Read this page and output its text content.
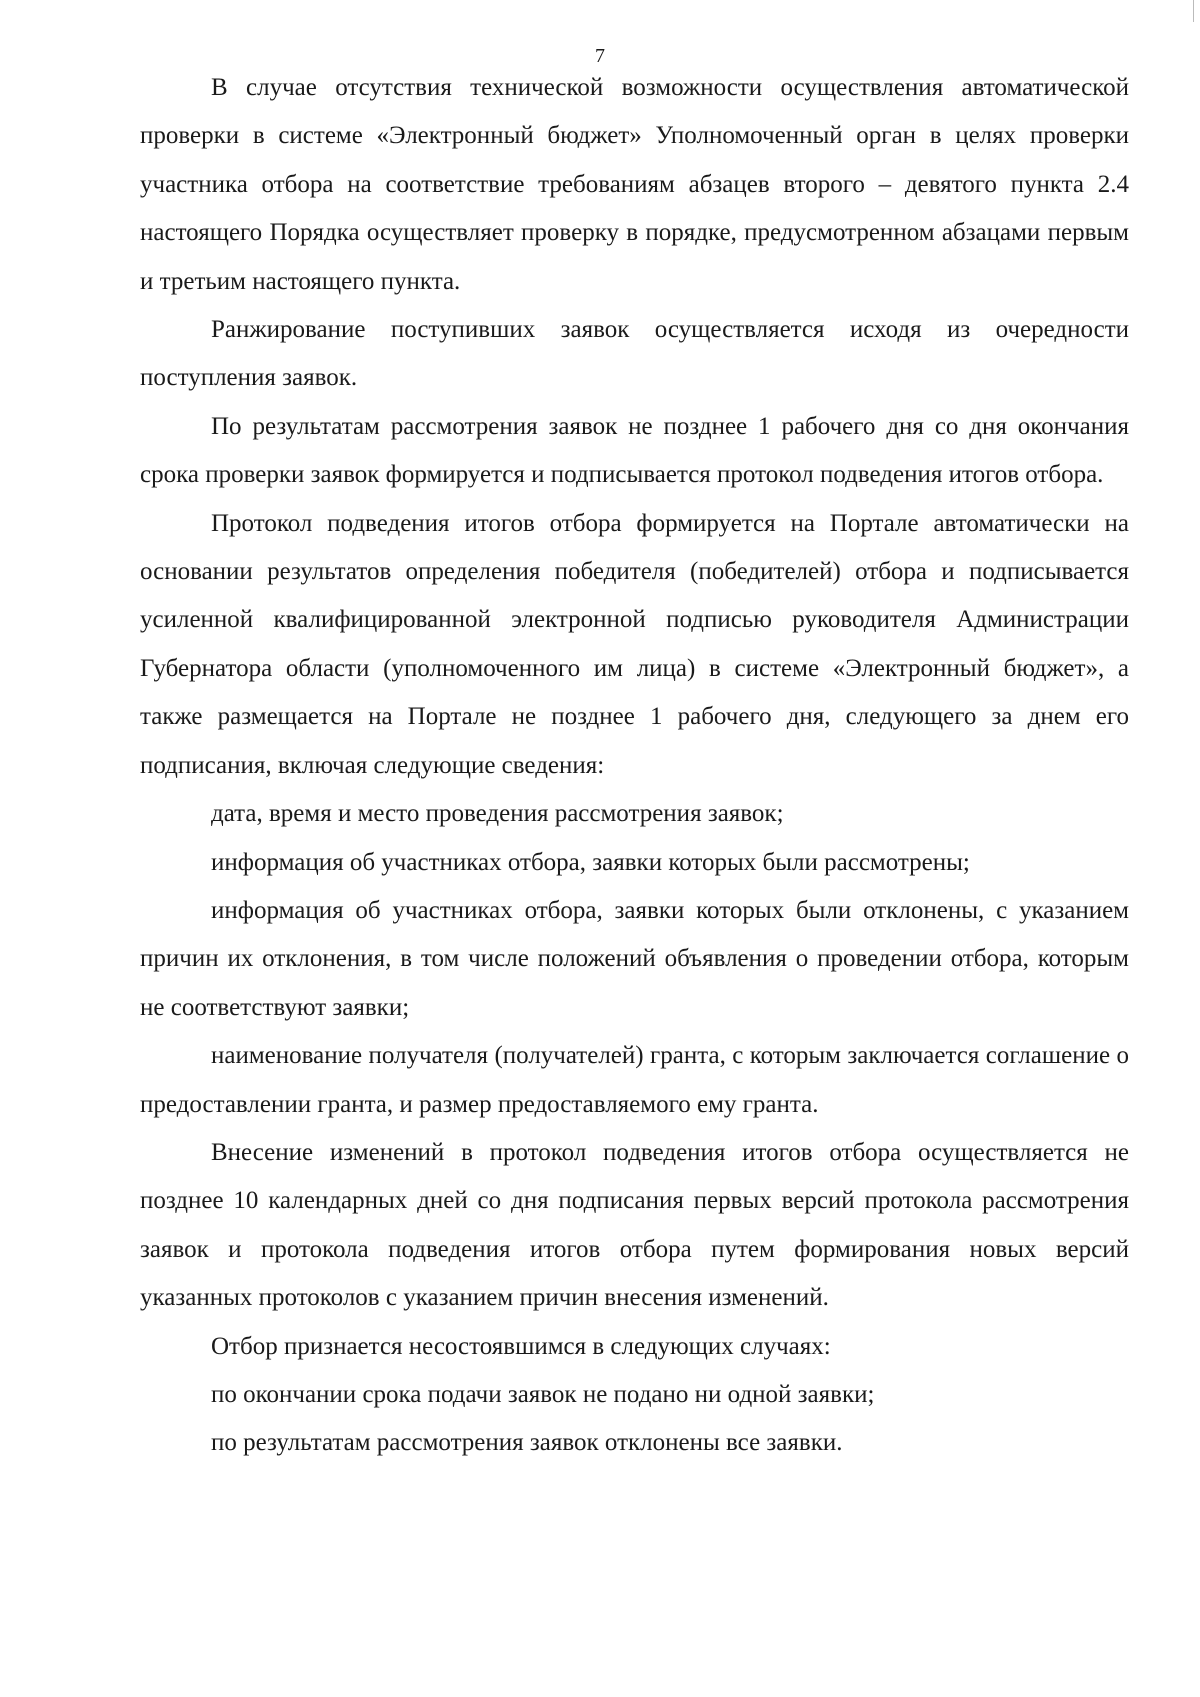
7

В случае отсутствия технической возможности осуществления автоматической проверки в системе «Электронный бюджет» Уполномоченный орган в целях проверки участника отбора на соответствие требованиям абзацев второго – девятого пункта 2.4 настоящего Порядка осуществляет проверку в порядке, предусмотренном абзацами первым и третьим настоящего пункта.

Ранжирование поступивших заявок осуществляется исходя из очередности поступления заявок.

По результатам рассмотрения заявок не позднее 1 рабочего дня со дня окончания срока проверки заявок формируется и подписывается протокол подведения итогов отбора.

Протокол подведения итогов отбора формируется на Портале автоматически на основании результатов определения победителя (победителей) отбора и подписывается усиленной квалифицированной электронной подписью руководителя Администрации Губернатора области (уполномоченного им лица) в системе «Электронный бюджет», а также размещается на Портале не позднее 1 рабочего дня, следующего за днем его подписания, включая следующие сведения:

дата, время и место проведения рассмотрения заявок;

информация об участниках отбора, заявки которых были рассмотрены;

информация об участниках отбора, заявки которых были отклонены, с указанием причин их отклонения, в том числе положений объявления о проведении отбора, которым не соответствуют заявки;

наименование получателя (получателей) гранта, с которым заключается соглашение о предоставлении гранта, и размер предоставляемого ему гранта.

Внесение изменений в протокол подведения итогов отбора осуществляется не позднее 10 календарных дней со дня подписания первых версий протокола рассмотрения заявок и протокола подведения итогов отбора путем формирования новых версий указанных протоколов с указанием причин внесения изменений.

Отбор признается несостоявшимся в следующих случаях:

по окончании срока подачи заявок не подано ни одной заявки;

по результатам рассмотрения заявок отклонены все заявки.
